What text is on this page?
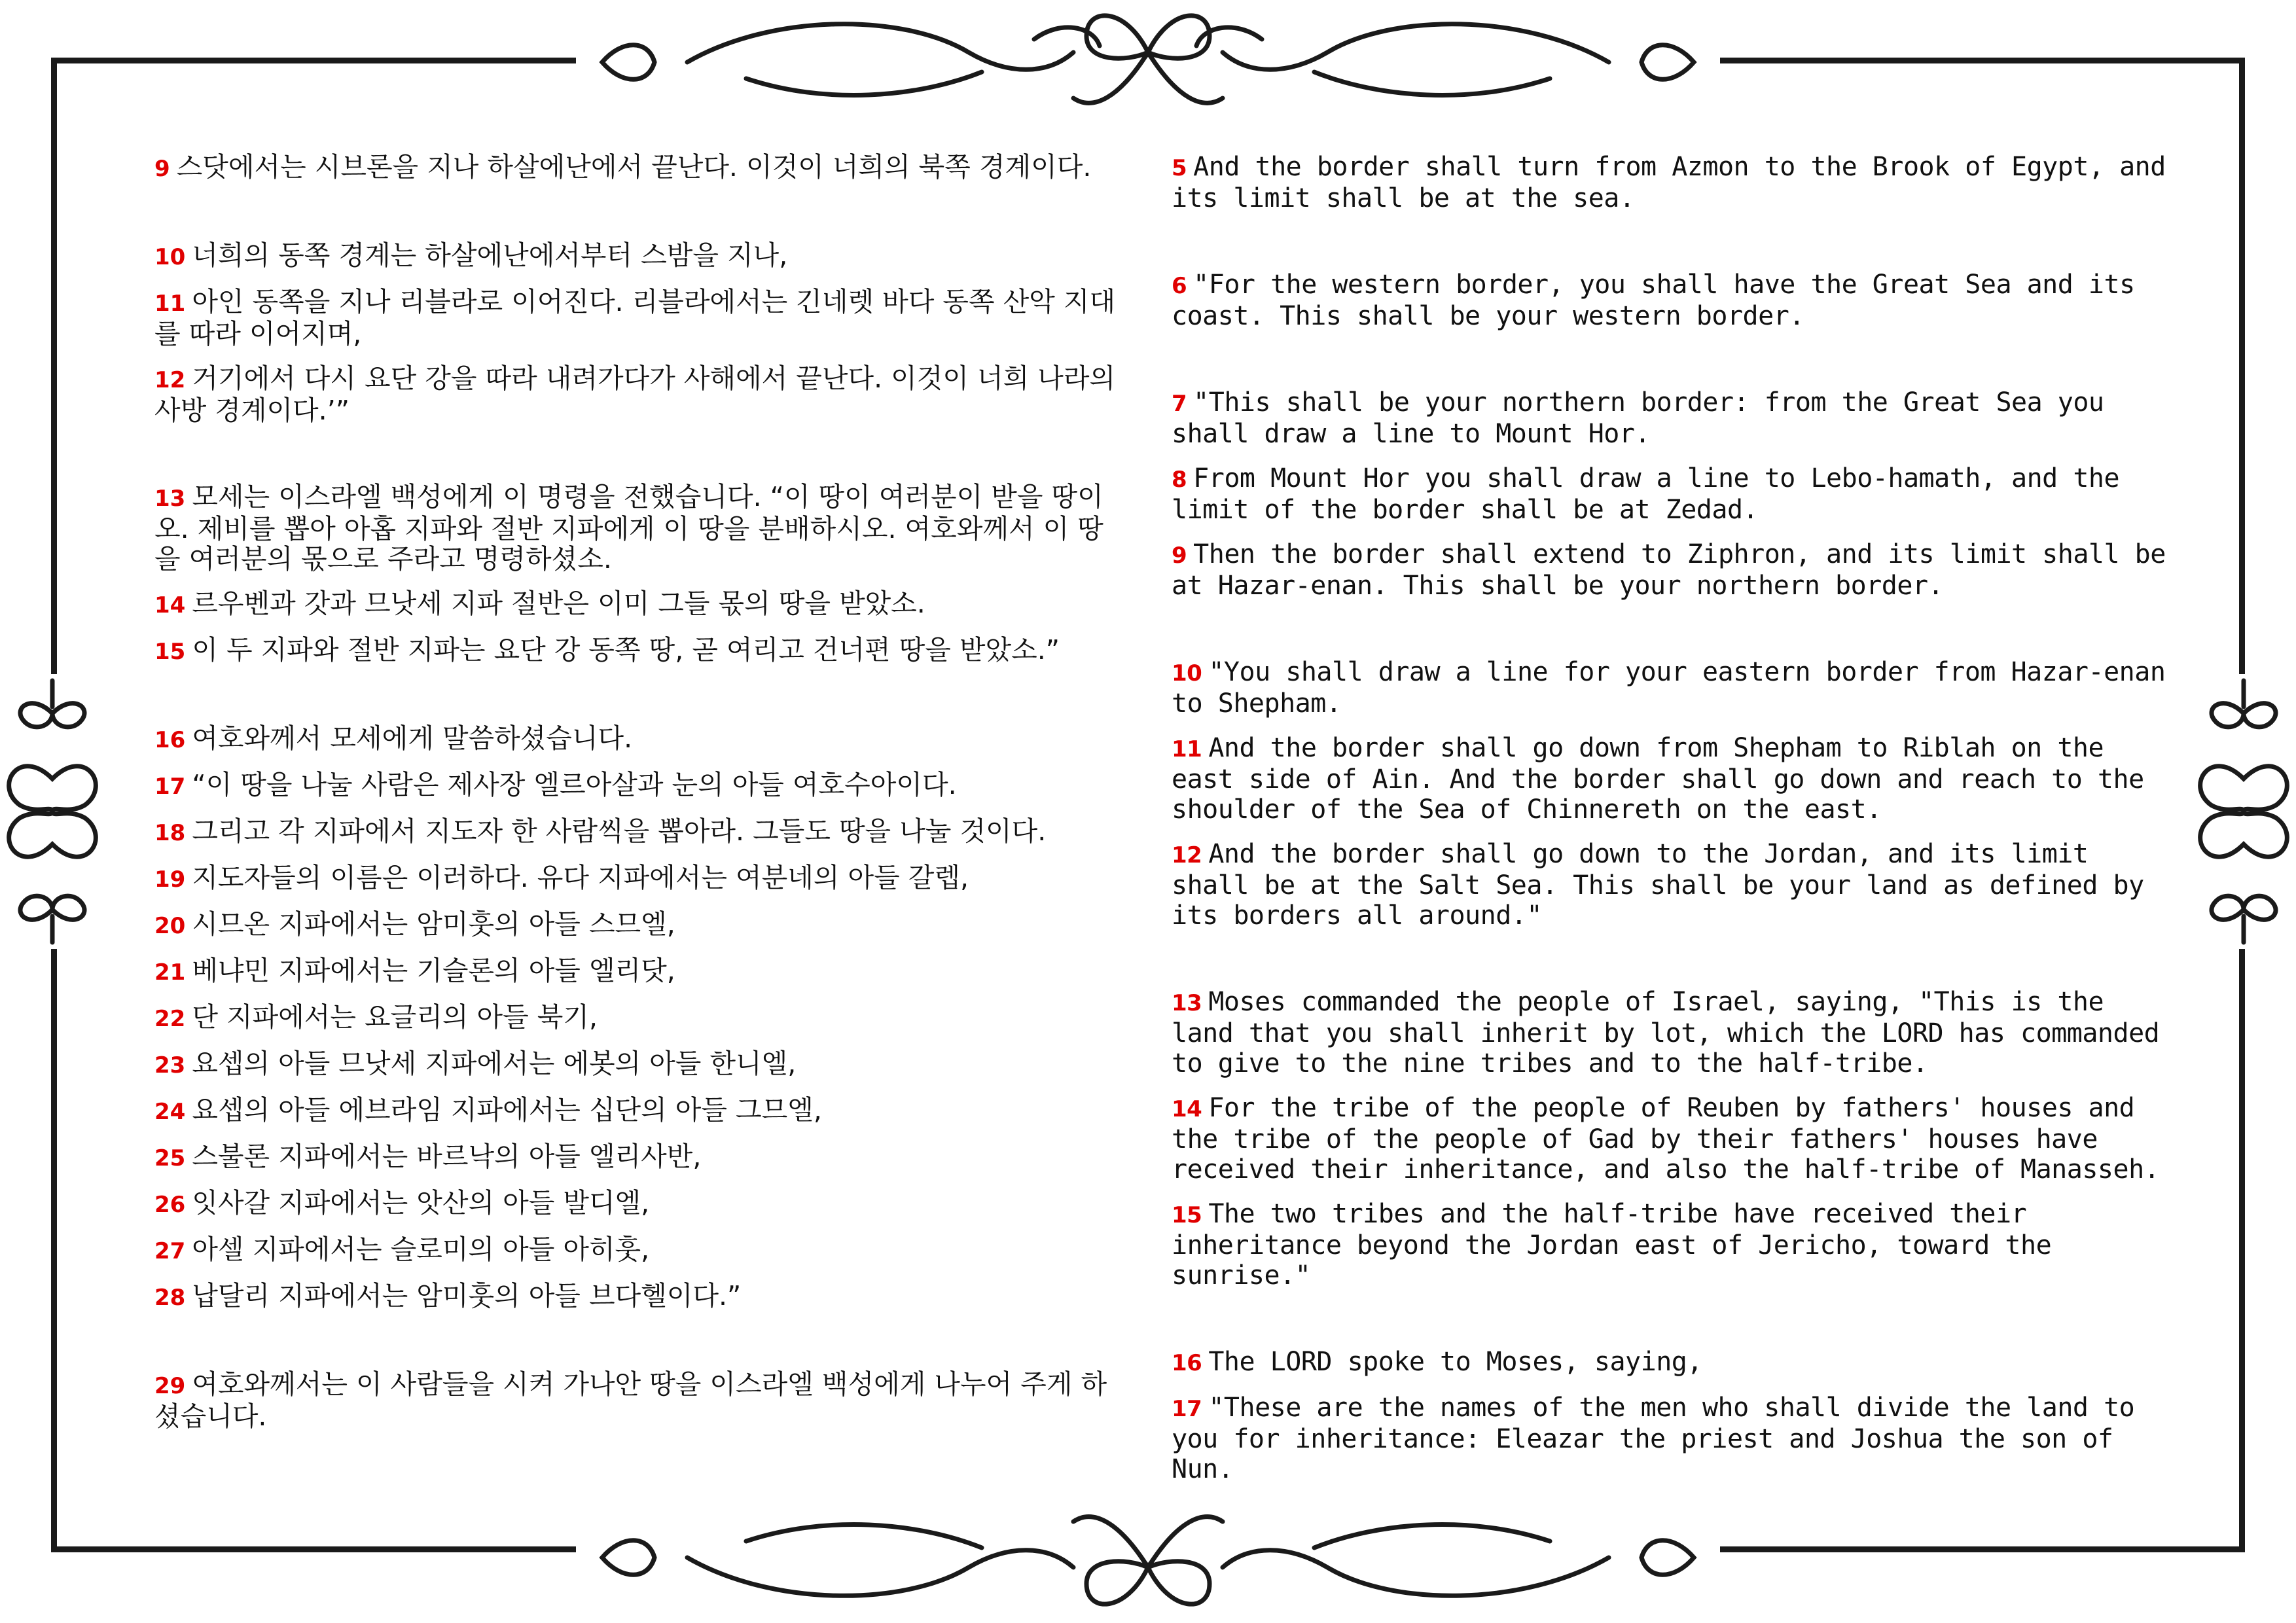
9 스닷에서는 시브론을 지나 하살에난에서 끝난다. 이것이 너희의 북쪽 경계이다.

10 너희의 동쪽 경계는 하살에난에서부터 스밤을 지나,

11 아인 동쪽을 지나 리블라로 이어진다. 리블라에서는 긴네렛 바다 동쪽 산악 지대를 따라 이어지며,

12 거기에서 다시 요단 강을 따라 내려가다가 사해에서 끝난다. 이것이 너희 나라의 사방 경계이다.’”

13 모세는 이스라엘 백성에게 이 명령을 전했습니다. “이 땅이 여러분이 받을 땅이오. 제비를 뽑아 아홉 지파와 절반 지파에게 이 땅을 분배하시오. 여호와께서 이 땅을 여러분의 몫으로 주라고 명령하셨소.

14 르우벤과 갓과 므낫세 지파 절반은 이미 그들 몫의 땅을 받았소.

15 이 두 지파와 절반 지파는 요단 강 동쪽 땅, 곧 여리고 건너편 땅을 받았소.”

16 여호와께서 모세에게 말씀하셨습니다.

17 “이 땅을 나눌 사람은 제사장 엘르아살과 눈의 아들 여호수아이다.

18 그리고 각 지파에서 지도자 한 사람씩을 뽑아라. 그들도 땅을 나눌 것이다.

19 지도자들의 이름은 이러하다. 유다 지파에서는 여분네의 아들 갈렙,

20 시므온 지파에서는 암미훗의 아들 스므엘,

21 베냐민 지파에서는 기슬론의 아들 엘리닷,

22 단 지파에서는 요글리의 아들 북기,

23 요셉의 아들 므낫세 지파에서는 에봇의 아들 한니엘,

24 요셉의 아들 에브라임 지파에서는 십단의 아들 그므엘,

25 스불론 지파에서는 바르낙의 아들 엘리사반,

26 잇사갈 지파에서는 앗산의 아들 발디엘,

27 아셀 지파에서는 슬로미의 아들 아히훗,

28 납달리 지파에서는 암미훗의 아들 브다헬이다.”

29 여호와께서는 이 사람들을 시켜 가나안 땅을 이스라엘 백성에게 나누어 주게 하셨습니다.

5 And the border shall turn from Azmon to the Brook of Egypt, and its limit shall be at the sea.

6 "For the western border, you shall have the Great Sea and its coast. This shall be your western border.

7 "This shall be your northern border: from the Great Sea you shall draw a line to Mount Hor.

8 From Mount Hor you shall draw a line to Lebo-hamath, and the limit of the border shall be at Zedad.

9 Then the border shall extend to Ziphron, and its limit shall be at Hazar-enan. This shall be your northern border.

10 "You shall draw a line for your eastern border from Hazar-enan to Shepham.

11 And the border shall go down from Shepham to Riblah on the east side of Ain. And the border shall go down and reach to the shoulder of the Sea of Chinnereth on the east.

12 And the border shall go down to the Jordan, and its limit shall be at the Salt Sea. This shall be your land as defined by its borders all around."

13 Moses commanded the people of Israel, saying, "This is the land that you shall inherit by lot, which the LORD has commanded to give to the nine tribes and to the half-tribe.

14 For the tribe of the people of Reuben by fathers' houses and the tribe of the people of Gad by their fathers' houses have received their inheritance, and also the half-tribe of Manasseh.

15 The two tribes and the half-tribe have received their inheritance beyond the Jordan east of Jericho, toward the sunrise."

16 The LORD spoke to Moses, saying,

17 "These are the names of the men who shall divide the land to you for inheritance: Eleazar the priest and Joshua the son of Nun.
